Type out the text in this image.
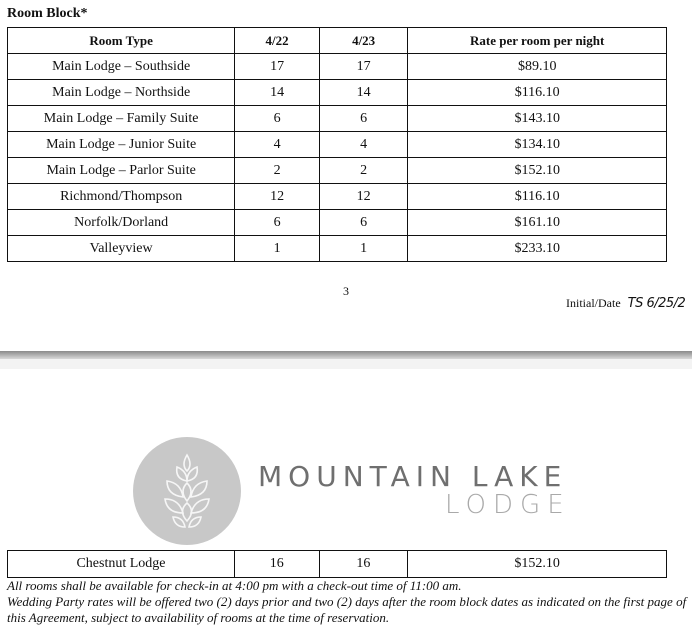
Room Block*
Room Type	4/22	4/23	Rate per room per night
Main Lodge – Southside	17	17	$89.10
Main Lodge – Northside	14	14	$116.10
Main Lodge – Family Suite	6	6	$143.10
Main Lodge – Junior Suite	4	4	$134.10
Main Lodge – Parlor Suite	2	2	$152.10
Richmond/Thompson	12	12	$116.10
Norfolk/Dorland	6	6	$161.10
Valleyview	1	1	$233.10
3
Initial/Date TS 6/25/2
MOUNTAIN LAKE
LODGE
Chestnut Lodge	16	16	$152.10

All rooms shall be available for check-in at 4:00 pm with a check-out time of 11:00 am.

Wedding Party rates will be offered two (2) days prior and two (2) days after the room block dates as indicated on the first page of this Agreement, subject to availability of rooms at the time of reservation.
